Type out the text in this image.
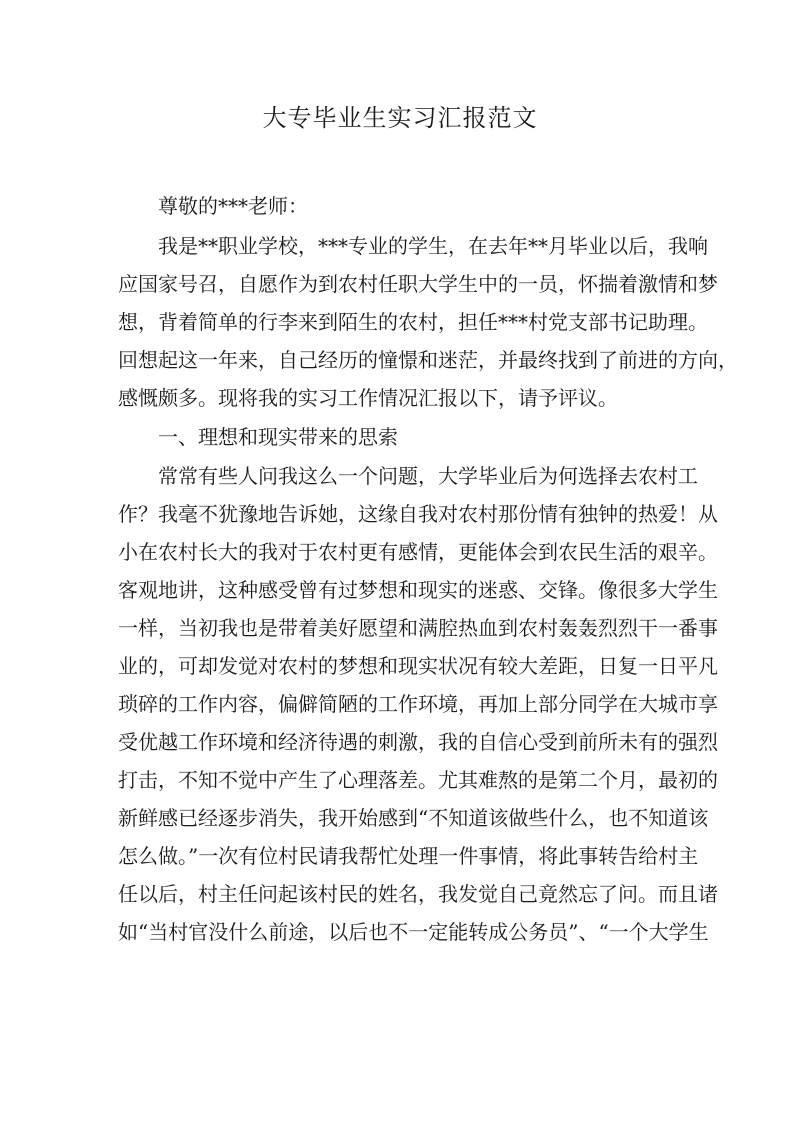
大专毕业生实习汇报范文
尊敬的***老师：
我是**职业学校，***专业的学生，在去年**月毕业以后，我响
应国家号召，自愿作为到农村任职大学生中的一员，怀揣着激情和梦
想，背着简单的行李来到陌生的农村，担任***村党支部书记助理。
回想起这一年来，自己经历的憧憬和迷茫，并最终找到了前进的方向，
感慨颇多。现将我的实习工作情况汇报以下，请予评议。
一、理想和现实带来的思索
常常有些人问我这么一个问题，大学毕业后为何选择去农村工
作？我毫不犹豫地告诉她，这缘自我对农村那份情有独钟的热爱！从
小在农村长大的我对于农村更有感情，更能体会到农民生活的艰辛。
客观地讲，这种感受曾有过梦想和现实的迷惑、交锋。像很多大学生
一样，当初我也是带着美好愿望和满腔热血到农村轰轰烈烈干一番事
业的，可却发觉对农村的梦想和现实状况有较大差距，日复一日平凡
琐碎的工作内容，偏僻简陋的工作环境，再加上部分同学在大城市享
受优越工作环境和经济待遇的刺激，我的自信心受到前所未有的强烈
打击，不知不觉中产生了心理落差。尤其难熬的是第二个月，最初的
新鲜感已经逐步消失，我开始感到“不知道该做些什么，也不知道该
怎么做。”一次有位村民请我帮忙处理一件事情，将此事转告给村主
任以后，村主任问起该村民的姓名，我发觉自己竟然忘了问。而且诸
如“当村官没什么前途，以后也不一定能转成公务员”、“一个大学生
